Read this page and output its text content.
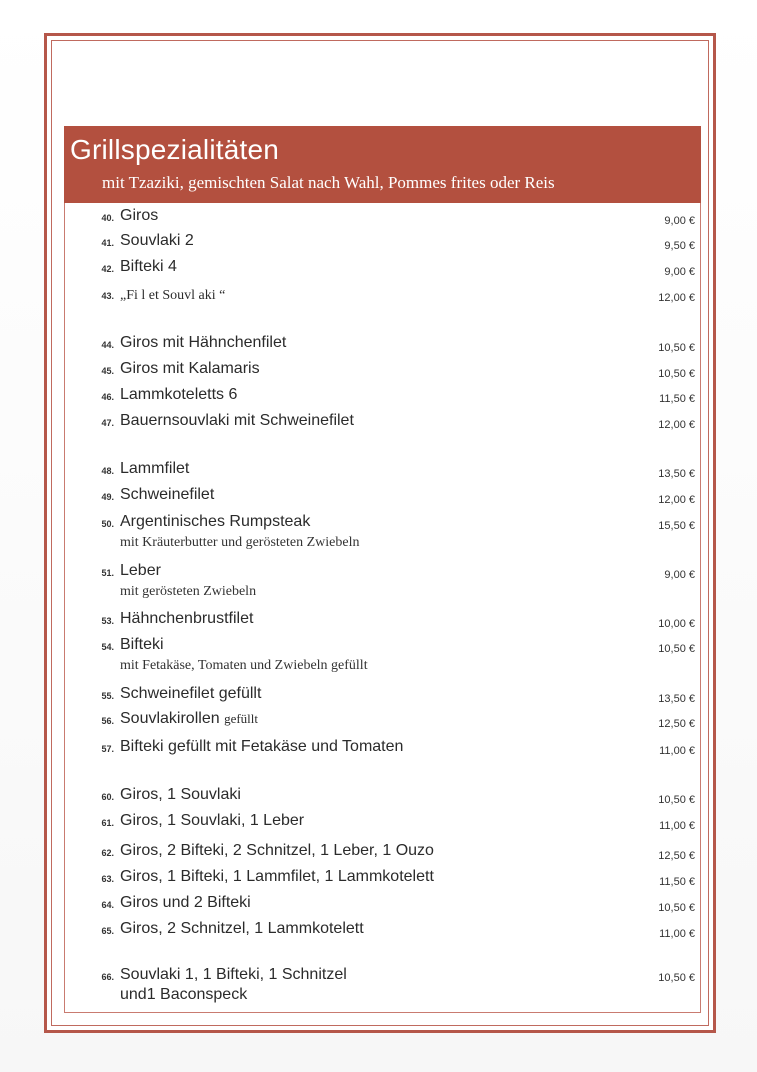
Grillspezialitäten
mit Tzaziki, gemischten Salat nach Wahl, Pommes frites oder Reis
40. Giros	9,00 €
41. Souvlaki 2	9,50 €
42. Bifteki 4	9,00 €
43. „Fi l et Souvl aki “	12,00 €
44. Giros mit Hähnchenfilet	10,50 €
45. Giros mit Kalamaris	10,50 €
46. Lammkoteletts 6	11,50 €
47. Bauernsouvlaki mit Schweinefilet	12,00 €
48. Lammfilet	13,50 €
49. Schweinefilet	12,00 €
50. Argentinisches Rumpsteak
mit Kräuterbutter und gerösteten Zwiebeln
15,50 €
51. Leber
mit gerösteten Zwiebeln
9,00 €
53. Hähnchenbrustfilet	10,00 €
54. Bifteki
mit Fetakäse, Tomaten und Zwiebeln gefüllt
10,50 €
55. Schweinefilet gefüllt	13,50 €
56. Souvlakirollen gefüllt	12,50 €
57. Bifteki gefüllt mit Fetakäse und Tomaten	11,00 €
60. Giros, 1 Souvlaki	10,50 €
61. Giros, 1 Souvlaki, 1 Leber	11,00 €
62. Giros, 2 Bifteki, 2 Schnitzel, 1 Leber, 1 Ouzo	12,50 €
63. Giros, 1 Bifteki, 1 Lammfilet, 1 Lammkotelett	11,50 €
64. Giros und 2 Bifteki	10,50 €
65. Giros, 2 Schnitzel, 1 Lammkotelett	11,00 €
66. Souvlaki 1, 1 Bifteki, 1 Schnitzel
und1 Baconspeck
10,50 €
